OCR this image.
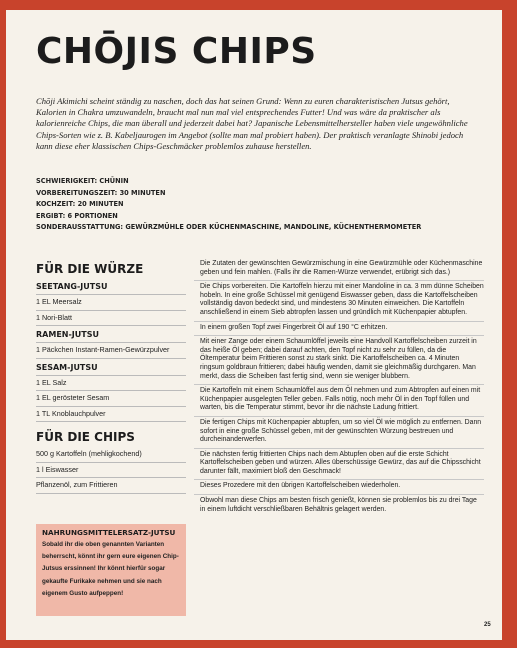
CHŌJIS CHIPS

Chōji Akimichi scheint ständig zu naschen, doch das hat seinen Grund: Wenn zu euren charakteristischen Jutsus gehört, Kalorien in Chakra umzuwandeln, braucht mal nun mal viel entsprechendes Futter! Und was wäre da praktischer als kalorienreiche Chips, die man überall und jederzeit dabei hat? Japanische Lebensmittelhersteller haben viele ungewöhnliche Chips-Sorten wie z. B. Kabeljaurogen im Angebot (sollte man mal probiert haben). Der praktisch veranlagte Shinobi jedoch kann diese eher klassischen Chips-Geschmäcker problemlos zuhause herstellen.

SCHWIERIGKEIT: CHŪNIN
VORBEREITUNGSZEIT: 30 MINUTEN
KOCHZEIT: 20 MINUTEN
ERGIBT: 6 PORTIONEN
SONDERAUSSTATTUNG: GEWÜRZMÜHLE ODER KÜCHENMASCHINE, MANDOLINE, KÜCHENTHERMOMETER
FÜR DIE WÜRZE
SEETANG-JUTSU
1 EL Meersalz
1 Nori-Blatt
RAMEN-JUTSU
1 Päckchen Instant-Ramen-Gewürzpulver
SESAM-JUTSU
1 EL Salz
1 EL gerösteter Sesam
1 TL Knoblauchpulver
FÜR DIE CHIPS
500 g Kartoffeln (mehligkochend)
1 l Eiswasser
Pflanzenöl, zum Frittieren
Die Zutaten der gewünschten Gewürzmischung in eine Gewürzmühle oder Küchenmaschine geben und fein mahlen. (Falls ihr die Ramen-Würze verwendet, erübrigt sich das.)
Die Chips vorbereiten. Die Kartoffeln hierzu mit einer Mandoline in ca. 3 mm dünne Scheiben hobeln. In eine große Schüssel mit genügend Eiswasser geben, dass die Kartoffelscheiben vollständig davon bedeckt sind, und mindestens 30 Minuten einweichen. Die Kartoffeln anschließend in einem Sieb abtropfen lassen und gründlich mit Küchenpapier abtupfen.
In einem großen Topf zwei Fingerbreit Öl auf 190 °C erhitzen.
Mit einer Zange oder einem Schaumlöffel jeweils eine Handvoll Kartoffelscheiben zurzeit in das heiße Öl geben; dabei darauf achten, den Topf nicht zu sehr zu füllen, da die Öltemperatur beim Frittieren sonst zu stark sinkt. Die Kartoffelscheiben ca. 4 Minuten ringsum goldbraun frittieren; dabei häufig wenden, damit sie gleichmäßig durchgaren. Man merkt, dass die Scheiben fast fertig sind, wenn sie weniger blubbern.
Die Kartoffeln mit einem Schaumlöffel aus dem Öl nehmen und zum Abtropfen auf einen mit Küchenpapier ausgelegten Teller geben. Falls nötig, noch mehr Öl in den Topf füllen und warten, bis die Temperatur stimmt, bevor ihr die nächste Ladung frittiert.
Die fertigen Chips mit Küchenpapier abtupfen, um so viel Öl wie möglich zu entfernen. Dann sofort in eine große Schüssel geben, mit der gewünschten Würzung bestreuen und durcheinanderwerfen.
Die nächsten fertig frittierten Chips nach dem Abtupfen oben auf die erste Schicht Kartoffelscheiben geben und würzen. Alles überschüssige Gewürz, das auf die Chipsschicht darunter fällt, maximiert bloß den Geschmack!
Dieses Prozedere mit den übrigen Kartoffelscheiben wiederholen.
Obwohl man diese Chips am besten frisch genießt, können sie problemlos bis zu drei Tage in einem luftdicht verschließbaren Behältnis gelagert werden.
NAHRUNGSMITTELERSATZ-JUTSU
Sobald ihr die oben genannten Varianten beherrscht, könnt ihr gern eure eigenen Chip-Jutsus erssinnen! Ihr könnt hierfür sogar gekaufte Furikake nehmen und sie nach eigenem Gusto aufpeppen!
25
